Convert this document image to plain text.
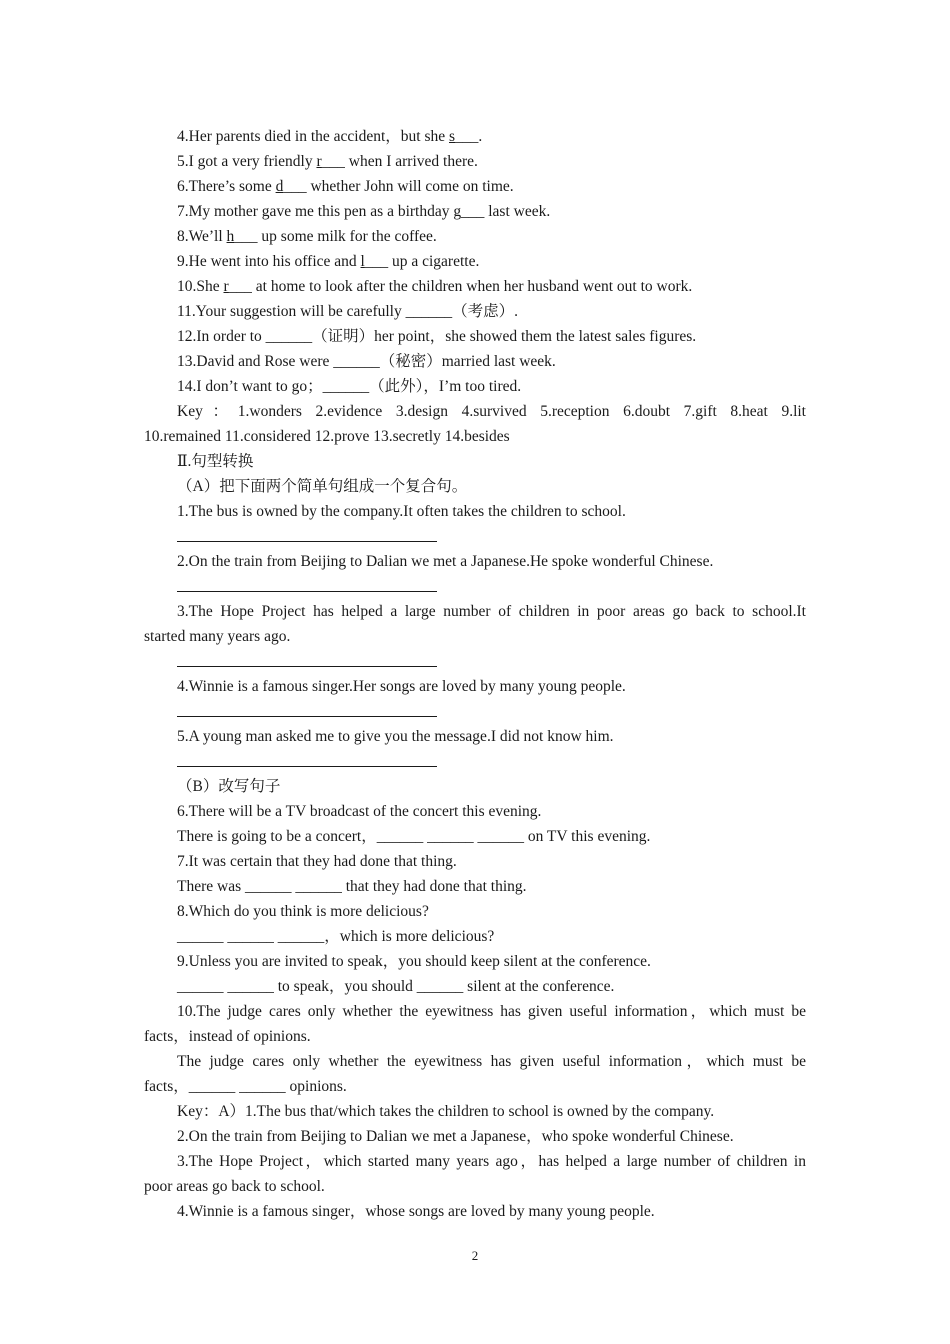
4.Her parents died in the accident，but she s___.
5.I got a very friendly r___ when I arrived there.
6.There’s some d___ whether John will come on time.
7.My mother gave me this pen as a birthday g___ last week.
8.We’ll h___ up some milk for the coffee.
9.He went into his office and l___ up a cigarette.
10.She r___ at home to look after the children when her husband went out to work.
11.Your suggestion will be carefully ______（考虑）.
12.In order to ______（证明）her point，she showed them the latest sales figures.
13.David and Rose were ______（秘密）married last week.
14.I don’t want to go；______（此外），I’m too tired.
Key：1.wonders 2.evidence 3.design 4.survived 5.reception 6.doubt 7.gift 8.heat 9.lit
10.remained 11.considered 12.prove 13.secretly 14.besides
Ⅱ.句型转换
（A）把下面两个简单句组成一个复合句。
1.The bus is owned by the company.It often takes the children to school.
2.On the train from Beijing to Dalian we met a Japanese.He spoke wonderful Chinese.
3.The Hope Project has helped a large number of children in poor areas go back to school.It
started many years ago.
4.Winnie is a famous singer.Her songs are loved by many young people.
5.A young man asked me to give you the message.I did not know him.
（B）改写句子
6.There will be a TV broadcast of the concert this evening.
There is going to be a concert，______ ______ ______ on TV this evening.
7.It was certain that they had done that thing.
There was ______ ______ that they had done that thing.
8.Which do you think is more delicious?
______ ______ ______，which is more delicious?
9.Unless you are invited to speak，you should keep silent at the conference.
______ ______ to speak，you should ______ silent at the conference.
10.The judge cares only whether the eyewitness has given useful information，which must be
facts，instead of opinions.
The judge cares only whether the eyewitness has given useful information，which must be
facts，______ ______ opinions.
Key：A）1.The bus that/which takes the children to school is owned by the company.
2.On the train from Beijing to Dalian we met a Japanese，who spoke wonderful Chinese.
3.The Hope Project，which started many years ago，has helped a large number of children in
poor areas go back to school.
4.Winnie is a famous singer，whose songs are loved by many young people.
2
